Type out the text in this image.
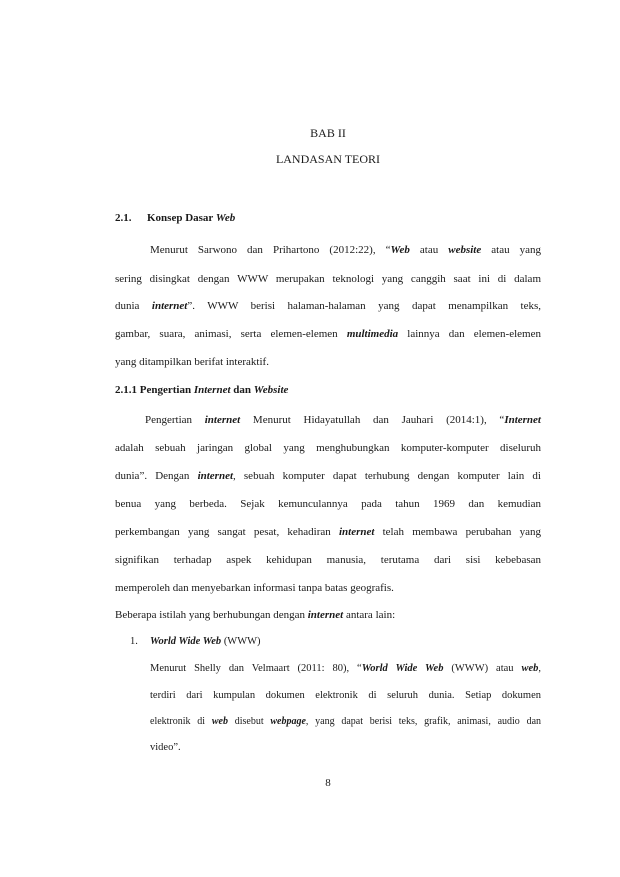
BAB II
LANDASAN TEORI
2.1. Konsep Dasar Web
Menurut Sarwono dan Prihartono (2012:22), “Web atau website atau yang
sering disingkat dengan WWW merupakan teknologi yang canggih saat ini di dalam
dunia internet”. WWW berisi halaman-halaman yang dapat menampilkan teks,
gambar, suara, animasi, serta elemen-elemen multimedia lainnya dan elemen-elemen
yang ditampilkan berifat interaktif.
2.1.1 Pengertian Internet dan Website
Pengertian internet Menurut Hidayatullah dan Jauhari (2014:1), “Internet
adalah sebuah jaringan global yang menghubungkan komputer-komputer diseluruh
dunia”. Dengan internet, sebuah komputer dapat terhubung dengan komputer lain di
benua yang berbeda. Sejak kemunculannya pada tahun 1969 dan kemudian
perkembangan yang sangat pesat, kehadiran internet telah membawa perubahan yang
signifikan terhadap aspek kehidupan manusia, terutama dari sisi kebebasan
memperoleh dan menyebarkan informasi tanpa batas geografis.
Beberapa istilah yang berhubungan dengan internet antara lain:
1. World Wide Web (WWW)
Menurut Shelly dan Velmaart (2011: 80), “World Wide Web (WWW) atau web,
terdiri dari kumpulan dokumen elektronik di seluruh dunia. Setiap dokumen
elektronik di web disebut webpage, yang dapat berisi teks, grafik, animasi, audio dan
video”.
8
